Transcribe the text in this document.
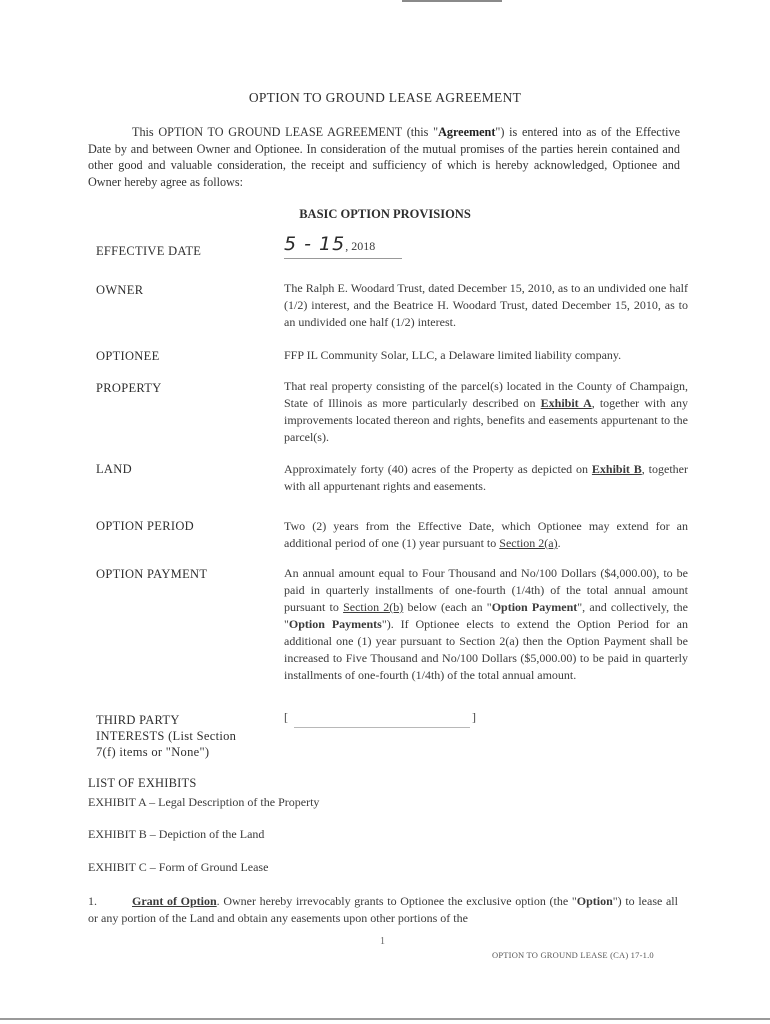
OPTION TO GROUND LEASE AGREEMENT
This OPTION TO GROUND LEASE AGREEMENT (this "Agreement") is entered into as of the Effective Date by and between Owner and Optionee. In consideration of the mutual promises of the parties herein contained and other good and valuable consideration, the receipt and sufficiency of which is hereby acknowledged, Optionee and Owner hereby agree as follows:
BASIC OPTION PROVISIONS
EFFECTIVE DATE	5 - 15, 2018
OWNER	The Ralph E. Woodard Trust, dated December 15, 2010, as to an undivided one half (1/2) interest, and the Beatrice H. Woodard Trust, dated December 15, 2010, as to an undivided one half (1/2) interest.
OPTIONEE	FFP IL Community Solar, LLC, a Delaware limited liability company.
PROPERTY	That real property consisting of the parcel(s) located in the County of Champaign, State of Illinois as more particularly described on Exhibit A, together with any improvements located thereon and rights, benefits and easements appurtenant to the parcel(s).
LAND	Approximately forty (40) acres of the Property as depicted on Exhibit B, together with all appurtenant rights and easements.
OPTION PERIOD	Two (2) years from the Effective Date, which Optionee may extend for an additional period of one (1) year pursuant to Section 2(a).
OPTION PAYMENT	An annual amount equal to Four Thousand and No/100 Dollars ($4,000.00), to be paid in quarterly installments of one-fourth (1/4th) of the total annual amount pursuant to Section 2(b) below (each an "Option Payment", and collectively, the "Option Payments"). If Optionee elects to extend the Option Period for an additional one (1) year pursuant to Section 2(a) then the Option Payment shall be increased to Five Thousand and No/100 Dollars ($5,000.00) to be paid in quarterly installments of one-fourth (1/4th) of the total annual amount.
THIRD PARTY
INTERESTS (List Section
7(f) items or "None")
[	]
LIST OF EXHIBITS
EXHIBIT A – Legal Description of the Property
EXHIBIT B – Depiction of the Land
EXHIBIT C – Form of Ground Lease
1.	Grant of Option. Owner hereby irrevocably grants to Optionee the exclusive option (the "Option") to lease all or any portion of the Land and obtain any easements upon other portions of the
1
OPTION TO GROUND LEASE (CA) 17-1.0
